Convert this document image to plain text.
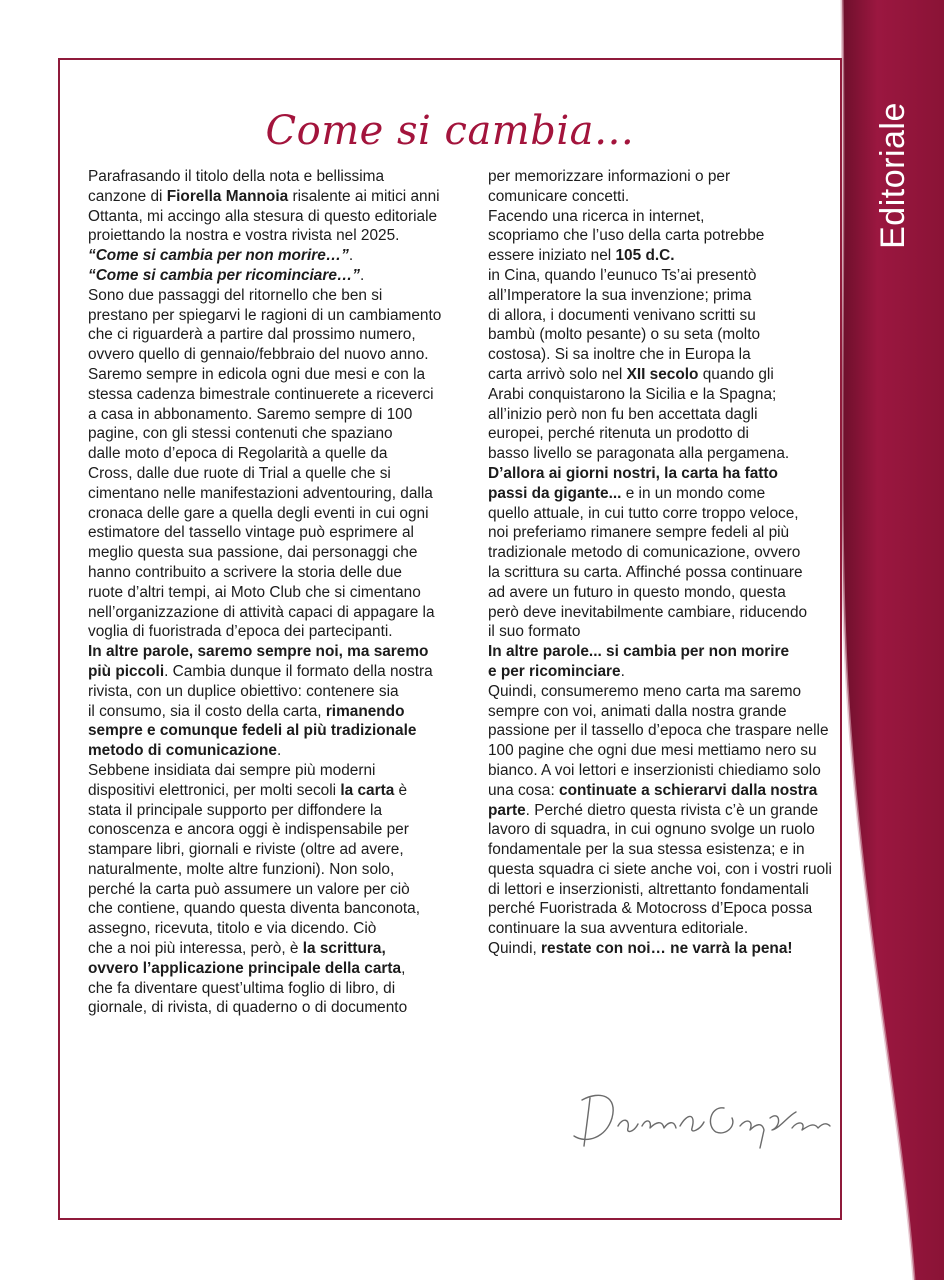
Editoriale
Come si cambia…
Parafrasando il titolo della nota e bellissima
canzone di Fiorella Mannoia risalente ai mitici anni
Ottanta, mi accingo alla stesura di questo editoriale
proiettando la nostra e vostra rivista nel 2025.
“Come si cambia per non morire…”.
“Come si cambia per ricominciare…”.
Sono due passaggi del ritornello che ben si
prestano per spiegarvi le ragioni di un cambiamento
che ci riguarderà a partire dal prossimo numero,
ovvero quello di gennaio/febbraio del nuovo anno.
Saremo sempre in edicola ogni due mesi e con la
stessa cadenza bimestrale continuerete a riceverci
a casa in abbonamento. Saremo sempre di 100
pagine, con gli stessi contenuti che spaziano
dalle moto d’epoca di Regolarità a quelle da
Cross, dalle due ruote di Trial a quelle che si
cimentano nelle manifestazioni adventouring, dalla
cronaca delle gare a quella degli eventi in cui ogni
estimatore del tassello vintage può esprimere al
meglio questa sua passione, dai personaggi che
hanno contribuito a scrivere la storia delle due
ruote d’altri tempi, ai Moto Club che si cimentano
nell’organizzazione di attività capaci di appagare la
voglia di fuoristrada d’epoca dei partecipanti.
In altre parole, saremo sempre noi, ma saremo
più piccoli. Cambia dunque il formato della nostra
rivista, con un duplice obiettivo: contenere sia
il consumo, sia il costo della carta, rimanendo
sempre e comunque fedeli al più tradizionale
metodo di comunicazione.
Sebbene insidiata dai sempre più moderni
dispositivi elettronici, per molti secoli la carta è
stata il principale supporto per diffondere la
conoscenza e ancora oggi è indispensabile per
stampare libri, giornali e riviste (oltre ad avere,
naturalmente, molte altre funzioni). Non solo,
perché la carta può assumere un valore per ciò
che contiene, quando questa diventa banconota,
assegno, ricevuta, titolo e via dicendo. Ciò
che a noi più interessa, però, è la scrittura,
ovvero l’applicazione principale della carta,
che fa diventare quest’ultima foglio di libro, di
giornale, di rivista, di quaderno o di documento
per memorizzare informazioni o per
comunicare concetti.
Facendo una ricerca in internet,
scopriamo che l’uso della carta potrebbe
essere iniziato nel 105 d.C.
in Cina, quando l’eunuco Ts’ai presentò
all’Imperatore la sua invenzione; prima
di allora, i documenti venivano scritti su
bambù (molto pesante) o su seta (molto
costosa). Si sa inoltre che in Europa la
carta arrivò solo nel XII secolo quando gli
Arabi conquistarono la Sicilia e la Spagna;
all’inizio però non fu ben accettata dagli
europei, perché ritenuta un prodotto di
basso livello se paragonata alla pergamena.
D’allora ai giorni nostri, la carta ha fatto
passi da gigante... e in un mondo come
quello attuale, in cui tutto corre troppo veloce,
noi preferiamo rimanere sempre fedeli al più
tradizionale metodo di comunicazione, ovvero
la scrittura su carta. Affinché possa continuare
ad avere un futuro in questo mondo, questa
però deve inevitabilmente cambiare, riducendo
il suo formato
In altre parole... si cambia per non morire
e per ricominciare.
Quindi, consumeremo meno carta ma saremo
sempre con voi, animati dalla nostra grande
passione per il tassello d’epoca che traspare nelle
100 pagine che ogni due mesi mettiamo nero su
bianco. A voi lettori e inserzionisti chiediamo solo
una cosa: continuate a schierarvi dalla nostra
parte. Perché dietro questa rivista c’è un grande
lavoro di squadra, in cui ognuno svolge un ruolo
fondamentale per la sua stessa esistenza; e in
questa squadra ci siete anche voi, con i vostri ruoli
di lettori e inserzionisti, altrettanto fondamentali
perché Fuoristrada & Motocross d’Epoca possa
continuare la sua avventura editoriale.
Quindi, restate con noi… ne varrà la pena!
